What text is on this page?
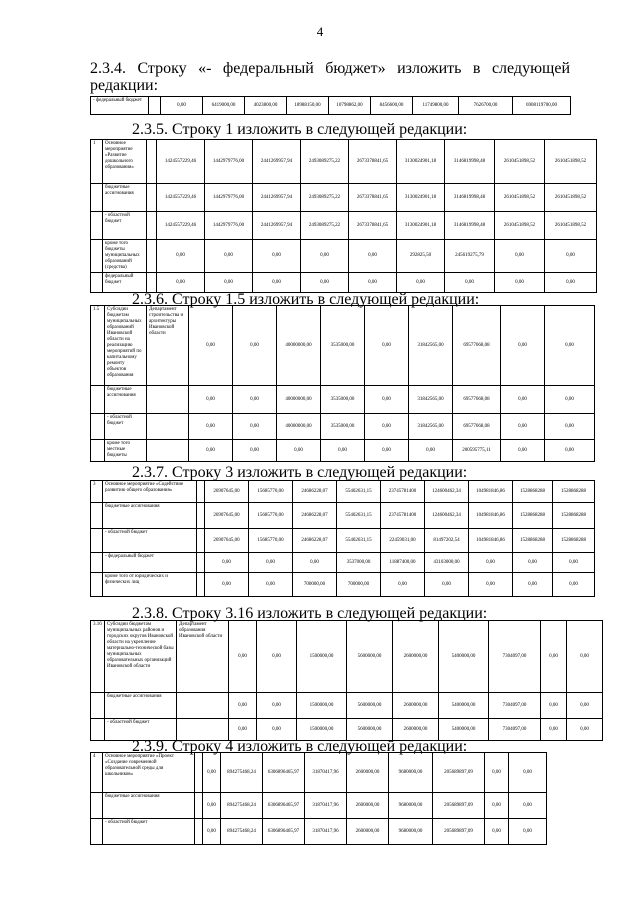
4
2.3.4. Строку «- федеральный бюджет» изложить в следующей редакции:
- федеральный бюджет		0,00	6419000,00	4023800,00	18988150,00	10798862,00	8456600,00	11749800,00	7626700,00	6908119700,00
2.3.5. Строку 1 изложить в следующей редакции:
1	Основное мероприятие «Развитие дошкольного образования»		1424557229,46	1442979776,00	2441269957,94	2493089275,22	2673378841,65	3130024901,18	3146819998,48	2610451898,52	2610451898,52
	бюджетные ассигнования		1424557229,46	1442979776,00	2441269957,94	2493089275,22	2673378841,65	3130024901,18	3146819998,48	2610451898,52	2610451898,52
	- областной бюджет		1424557229,46	1442979776,00	2441269957,94	2493089275,22	2673378841,65	3130024901,18	3146819998,48	2610451898,52	2610451898,52
	кроме того бюджеты муниципальных образований (средства)		0,00	0,00	0,00	0,00	0,00	292825,50	245619275,79	0,00	0,00
	федеральный бюджет		0,00	0,00	0,00	0,00	0,00	0,00	0,00	0,00	0,00
2.3.6. Строку 1.5 изложить в следующей редакции:
1.5	Субсидии бюджетам муниципальных образований Ивановской области на реализацию мероприятий по капитальному ремонту объектов образования	Департамент строительства и архитектуры Ивановской области	0,00	0,00	40000000,00	3535000,00	0,00	31842565,00	69577668,08	0,00	0,00
	бюджетные ассигнования		0,00	0,00	40000000,00	3535000,00	0,00	31842565,00	69577668,08	0,00	0,00
	- областной бюджет		0,00	0,00	40000000,00	3535000,00	0,00	31842565,00	69577668,08	0,00	0,00
	кроме того местные бюджеты		0,00	0,00	0,00	0,00	0,00	0,00	200595775,11	0,00	0,00
2.3.7. Строку 3 изложить в следующей редакции:
3	Основное мероприятие «Содействие развитию общего образования»		26907645,00	15685770,00	24686228,07	55402631,15	23745781400	124600462,34	104981846,86	1528868288	1528868288
	бюджетные ассигнования		26907645,00	15685770,00	24686228,07	55402631,15	23745781400	124600462,34	104981846,86	1528868288	1528868288
	- областной бюджет		26907645,00	15685770,00	24686228,07	55402631,15	22459031,00	81497202,54	104981846,86	1528868288	1528868288
	- федеральный бюджет		0,00	0,00	0,00	3537000,00	11887400,00	43103000,00	0,00	0,00	0,00
	кроме того от юридических и физических лиц		0,00	0,00	700000,00	700000,00	0,00	0,00	0,00	0,00	0,00
2.3.8. Строку 3.16 изложить в следующей редакции:
3.16	Субсидии бюджетам муниципальных районов и городских округов Ивановской области на укрепление материально-технической базы муниципальных образовательных организаций Ивановской области	Департамент образования Ивановской области	0,00	0,00	1500000,00	5600000,00	2600000,00	5400000,00	7304097,00	0,00	0,00
	бюджетные ассигнования		0,00	0,00	1500000,00	5600000,00	2600000,00	5400000,00	7304097,00	0,00	0,00
	- областной бюджет		0,00	0,00	1500000,00	5600000,00	2600000,00	5400000,00	7304097,00	0,00	0,00
2.3.9. Строку 4 изложить в следующей редакции:
4	Основное мероприятие «Проект «Создание современной образовательной среды для школьников»		0,00	894275468,24	6306896465,97	31870417,96	2600000,00	9680000,00	205689897,09	0,00	0,00
	бюджетные ассигнования		0,00	894275468,24	6306896465,97	31870417,96	2600000,00	9680000,00	205689897,09	0,00	0,00
	- областной бюджет		0,00	894275468,24	6306896465,97	31870417,96	2600000,00	9680000,00	205689897,09	0,00	0,00
